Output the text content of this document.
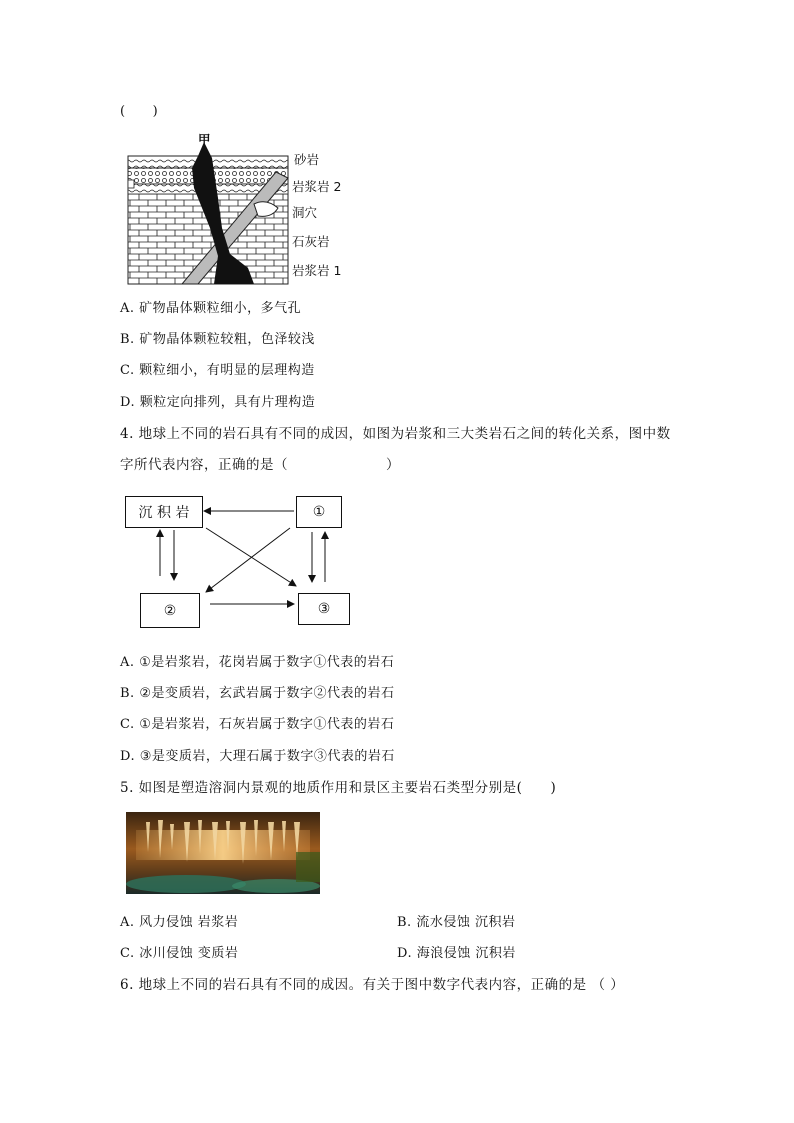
(　　)
甲
砂岩
岩浆岩 2
洞穴
石灰岩
岩浆岩 1
A. 矿物晶体颗粒细小，多气孔
B. 矿物晶体颗粒较粗，色泽较浅
C. 颗粒细小，有明显的层理构造
D. 颗粒定向排列，具有片理构造
4. 地球上不同的岩石具有不同的成因，如图为岩浆和三大类岩石之间的转化关系，图中数
字所代表内容，正确的是（　　　　　　　）
沉 积 岩	①
②	③
A. ①是岩浆岩，花岗岩属于数字①代表的岩石
B. ②是变质岩，玄武岩属于数字②代表的岩石
C. ①是岩浆岩，石灰岩属于数字①代表的岩石
D. ③是变质岩，大理石属于数字③代表的岩石
5. 如图是塑造溶洞内景观的地质作用和景区主要岩石类型分别是(　　)
A. 风力侵蚀 岩浆岩	B. 流水侵蚀 沉积岩
C. 冰川侵蚀 变质岩	D. 海浪侵蚀 沉积岩
6. 地球上不同的岩石具有不同的成因。有关于图中数字代表内容，正确的是 （ ）
